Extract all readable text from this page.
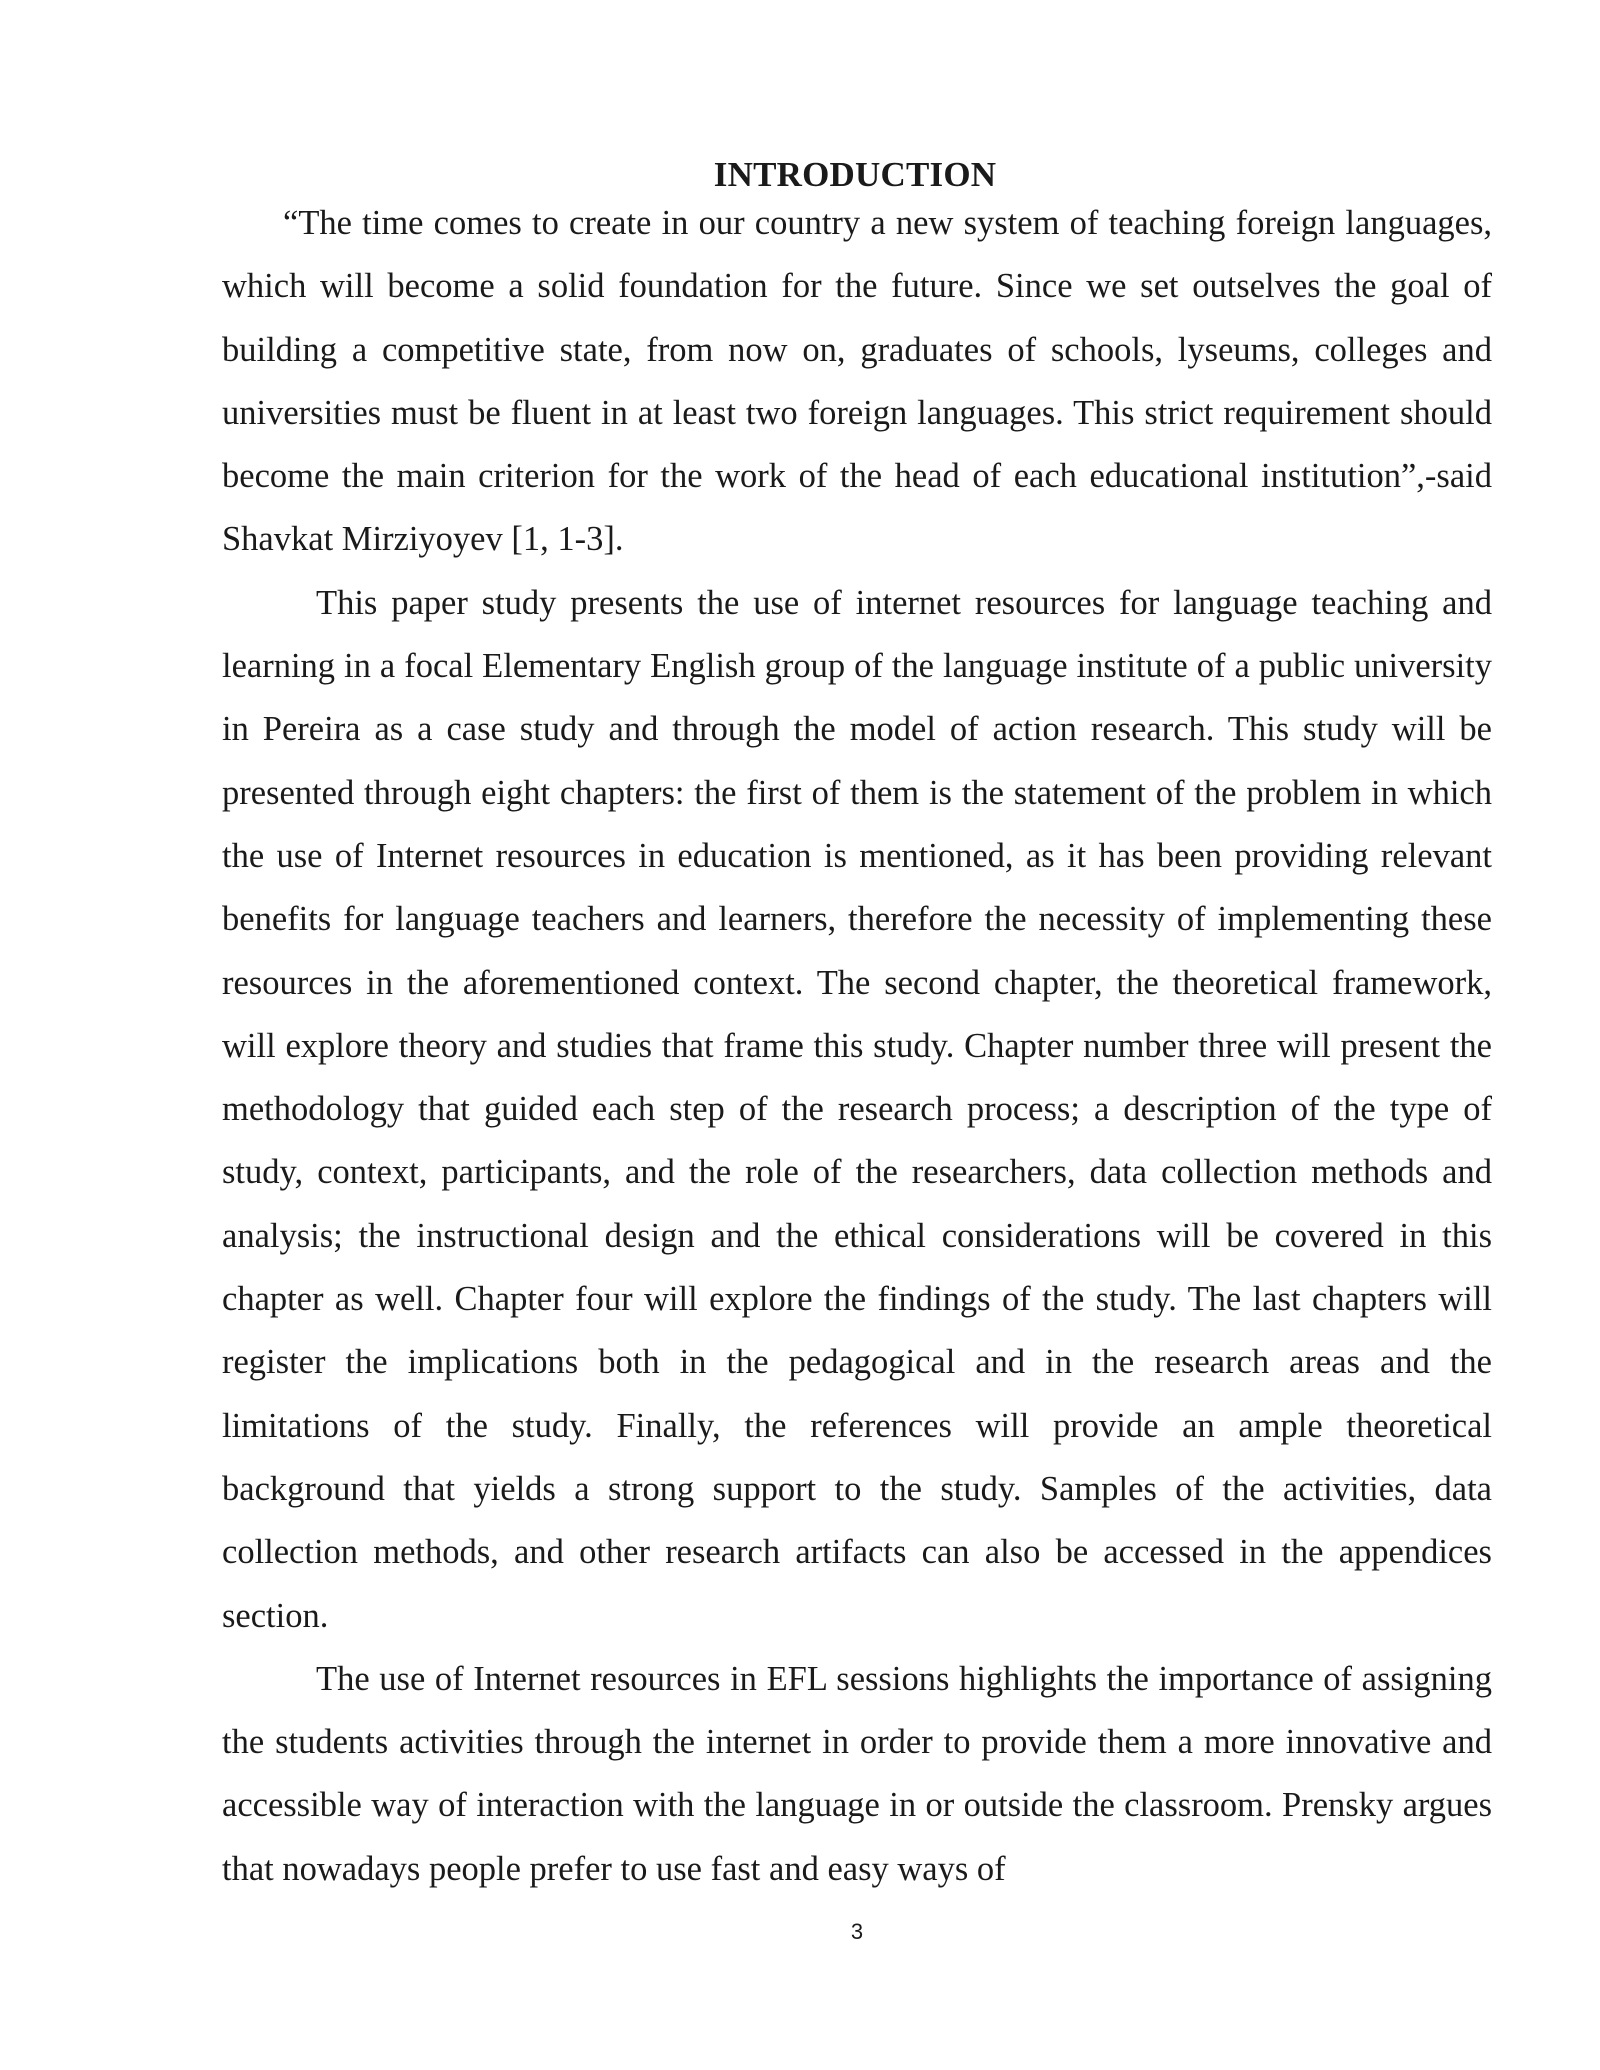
INTRODUCTION

“The time comes to create in our country a new system of teaching foreign languages, which will become a solid foundation for the future. Since we set outselves the goal of building a competitive state, from now on, graduates of schools, lyseums, colleges and universities must be fluent in at least two foreign languages. This strict requirement should become the main criterion for the work of the head of each educational institution”,-said Shavkat Mirziyoyev [1, 1-3].

This paper study presents the use of internet resources for language teaching and learning in a focal Elementary English group of the language institute of a public university in Pereira as a case study and through the model of action research. This study will be presented through eight chapters: the first of them is the statement of the problem in which the use of Internet resources in education is mentioned, as it has been providing relevant benefits for language teachers and learners, therefore the necessity of implementing these resources in the aforementioned context. The second chapter, the theoretical framework, will explore theory and studies that frame this study. Chapter number three will present the methodology that guided each step of the research process; a description of the type of study, context, participants, and the role of the researchers, data collection methods and analysis; the instructional design and the ethical considerations will be covered in this chapter as well. Chapter four will explore the findings of the study. The last chapters will register the implications both in the pedagogical and in the research areas and the limitations of the study. Finally, the references will provide an ample theoretical background that yields a strong support to the study. Samples of the activities, data collection methods, and other research artifacts can also be accessed in the appendices section.

The use of Internet resources in EFL sessions highlights the importance of assigning the students activities through the internet in order to provide them a more innovative and accessible way of interaction with the language in or outside the classroom. Prensky argues that nowadays people prefer to use fast and easy ways of

3
